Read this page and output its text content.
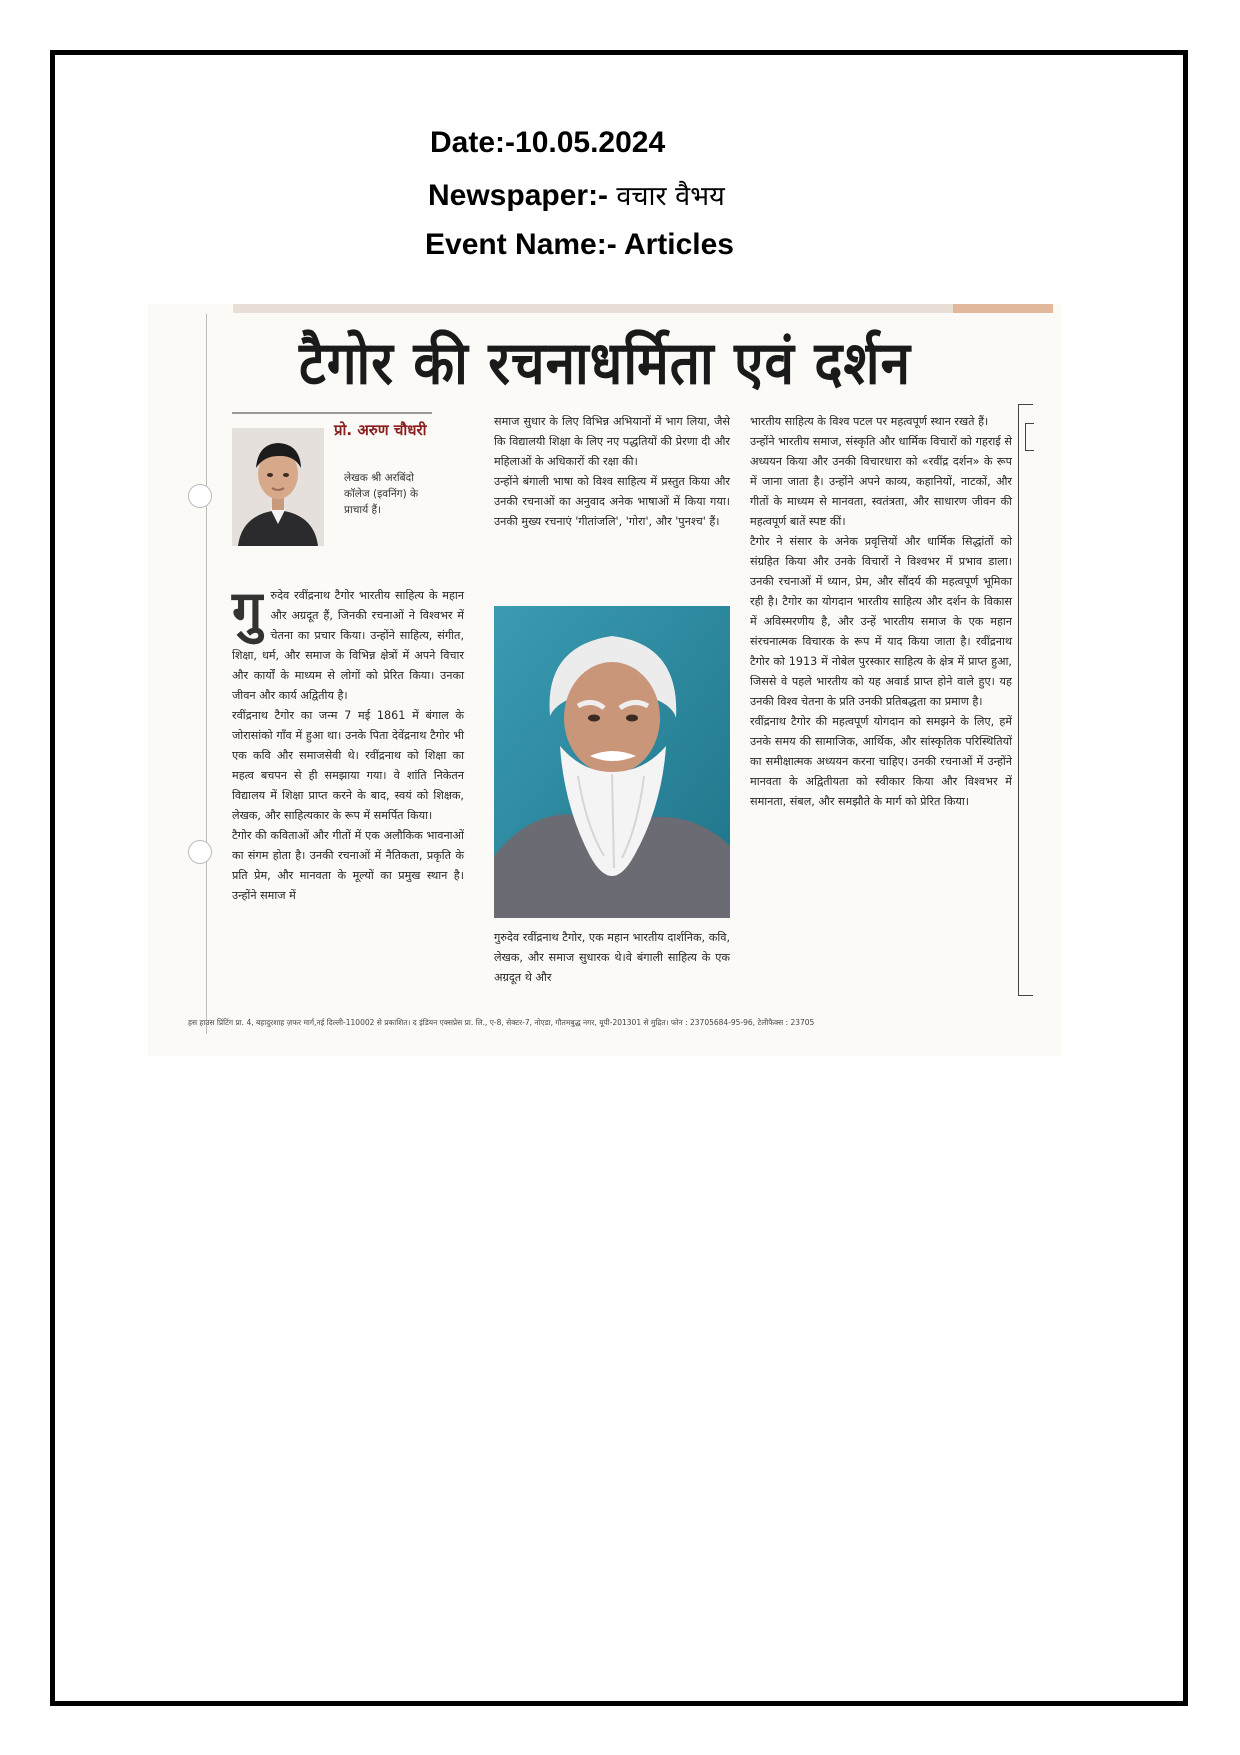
Date:-10.05.2024
Newspaper:- वचार वैभय
Event Name:- Articles
टैगोर की रचनाधर्मिता एवं दर्शन
प्रो. अरुण चौधरी
लेखक श्री अरबिंदो कॉलेज (इवनिंग) के प्राचार्य हैं।
गु रुदेव रवींद्रनाथ टैगोर भारतीय साहित्य के महान और अग्रदूत हैं, जिनकी रचनाओं ने विश्वभर में चेतना का प्रचार किया। उन्होंने साहित्य, संगीत, शिक्षा, धर्म, और समाज के विभिन्न क्षेत्रों में अपने विचार और कार्यों के माध्यम से लोगों को प्रेरित किया। उनका जीवन और कार्य अद्वितीय है।

रवींद्रनाथ टैगोर का जन्म 7 मई 1861 में बंगाल के जोरासांको गाँव में हुआ था। उनके पिता देवेंद्रनाथ टैगोर भी एक कवि और समाजसेवी थे। रवींद्रनाथ को शिक्षा का महत्व बचपन से ही समझाया गया। वे शांति निकेतन विद्यालय में शिक्षा प्राप्त करने के बाद, स्वयं को शिक्षक, लेखक, और साहित्यकार के रूप में समर्पित किया।

टैगोर की कविताओं और गीतों में एक अलौकिक भावनाओं का संगम होता है। उनकी रचनाओं में नैतिकता, प्रकृति के प्रति प्रेम, और मानवता के मूल्यों का प्रमुख स्थान है। उन्होंने समाज में

समाज सुधार के लिए विभिन्न अभियानों में भाग लिया, जैसे कि विद्यालयी शिक्षा के लिए नए पद्धतियों की प्रेरणा दी और महिलाओं के अधिकारों की रक्षा की।

उन्होंने बंगाली भाषा को विश्व साहित्य में प्रस्तुत किया और उनकी रचनाओं का अनुवाद अनेक भाषाओं में किया गया। उनकी मुख्य रचनाएं 'गीतांजलि', 'गोरा', और 'पुनश्च' हैं।

गुरुदेव रवींद्रनाथ टैगोर, एक महान भारतीय दार्शनिक, कवि, लेखक, और समाज सुधारक थे।वे बंगाली साहित्य के एक अग्रदूत थे और

भारतीय साहित्य के विश्व पटल पर महत्वपूर्ण स्थान रखते हैं।

उन्होंने भारतीय समाज, संस्कृति और धार्मिक विचारों को गहराई से अध्ययन किया और उनकी विचारधारा को «रवींद्र दर्शन» के रूप में जाना जाता है। उन्होंने अपने काव्य, कहानियों, नाटकों, और गीतों के माध्यम से मानवता, स्वतंत्रता, और साधारण जीवन की महत्वपूर्ण बातें स्पष्ट कीं।

टैगोर ने संसार के अनेक प्रवृत्तियों और धार्मिक सिद्धांतों को संग्रहित किया और उनके विचारों ने विश्वभर में प्रभाव डाला। उनकी रचनाओं में ध्यान, प्रेम, और सौंदर्य की महत्वपूर्ण भूमिका रही है। टैगोर का योगदान भारतीय साहित्य और दर्शन के विकास में अविस्मरणीय है, और उन्हें भारतीय समाज के एक महान संरचनात्मक विचारक के रूप में याद किया जाता है। रवींद्रनाथ टैगोर को 1913 में नोबेल पुरस्कार साहित्य के क्षेत्र में प्राप्त हुआ, जिससे वे पहले भारतीय को यह अवार्ड प्राप्त होने वाले हुए। यह उनकी विश्व चेतना के प्रति उनकी प्रतिबद्धता का प्रमाण है।

रवींद्रनाथ टैगोर की महत्वपूर्ण योगदान को समझने के लिए, हमें उनके समय की सामाजिक, आर्थिक, और सांस्कृतिक परिस्थितियों का समीक्षात्मक अध्ययन करना चाहिए। उनकी रचनाओं में उन्होंने मानवता के अद्वितीयता को स्वीकार किया और विश्वभर में समानता, संबल, और समझौते के मार्ग को प्रेरित किया।

हस हाउस प्रिंटिंग प्रा. 4, बहादुरशाह ज़फर मार्ग,नई दिल्ली-110002 से प्रकाशित। द इंडियन एक्सप्रेस प्रा. लि., ए-8, सेक्टर-7, नोएडा, गौतमबुद्ध नगर, यूपी-201301 से मुद्रित। फोन : 23705684-95-96, टेलीफैक्स : 23705
